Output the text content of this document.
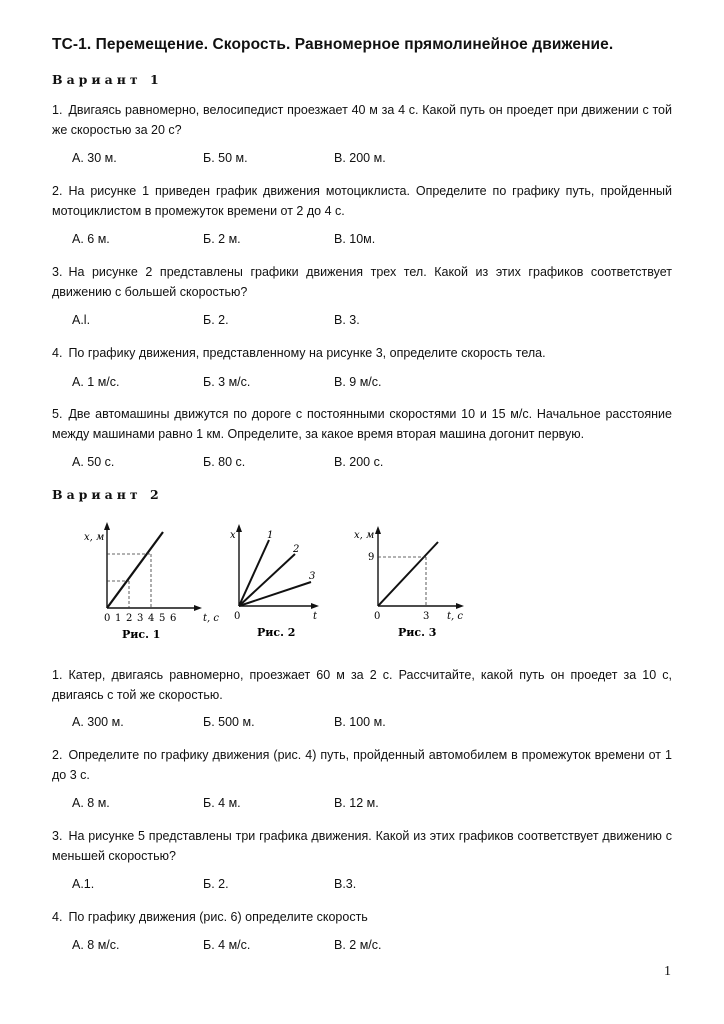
ТС-1. Перемещение. Скорость. Равномерное прямолинейное движение.
Вариант 1
1. Двигаясь равномерно, велосипедист проезжает 40 м за 4 с. Какой путь он проедет при движении с той же скоростью за 20 с?
А. 30 м.	Б. 50 м.	В. 200 м.
2. На рисунке 1 приведен график движения мотоциклиста. Определите по графику путь, пройденный мотоциклистом в промежуток времени от 2 до 4 с.
А. 6 м.	Б. 2 м.	В. 10м.
3. На рисунке 2 представлены графики движения трех тел. Какой из этих графиков соответствует движению с большей скоростью?
А.l.	Б. 2.	В. 3.
4. По графику движения, представленному на рисунке 3, определите скорость тела.
А. 1 м/с.	Б. 3 м/с.	В. 9 м/с.
5. Две автомашины движутся по дороге с постоянными скоростями 10 и 15 м/с. Начальное расстояние между машинами равно 1 км. Определите, за какое время вторая машина догонит первую.
А. 50 с.	Б. 80 с.	В. 200 с.
Вариант 2
x, м
t, с
0 1 2 3 4 5 6
Рис. 1
x
t
0
1
2
3
Рис. 2
x, м
9
0	3 t, с
Рис. 3
1. Катер, двигаясь равномерно, проезжает 60 м за 2 с. Рассчитайте, какой путь он проедет за 10 с, двигаясь с той же скоростью.
А. 300 м.	Б. 500 м.	В. 100 м.
2. Определите по графику движения (рис. 4) путь, пройденный автомобилем в промежуток времени от 1 до 3 с.
А. 8 м.	Б. 4 м.	В. 12 м.
3. На рисунке 5 представлены три графика движения. Какой из этих графиков соответствует движению с меньшей скоростью?
А.1.	Б. 2.	В.3.
4. По графику движения (рис. 6) определите скорость
А. 8 м/с.	Б. 4 м/с.	В. 2 м/с.
1
